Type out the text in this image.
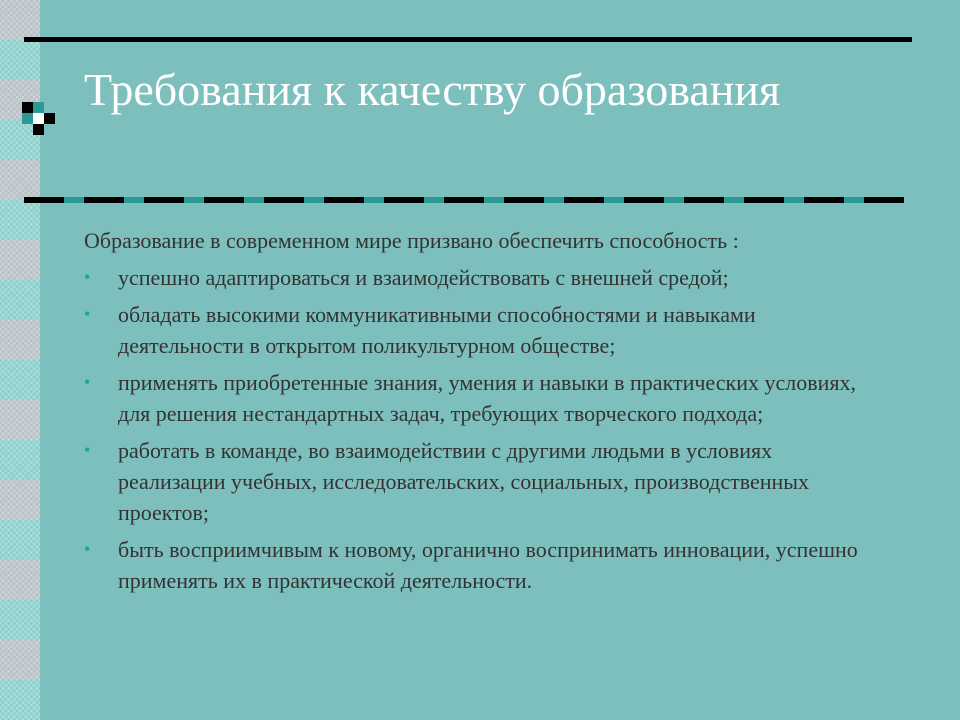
Требования к качеству образования

Образование в современном мире призвано обеспечить способность :

•	успешно адаптироваться и взаимодействовать с внешней средой;
•	обладать высокими коммуникативными способностями и навыками деятельности в открытом поликультурном обществе;
•	применять приобретенные знания, умения и навыки в практических условиях, для решения нестандартных задач, требующих творческого подхода;
•	работать в команде, во взаимодействии с другими людьми в условиях реализации учебных, исследовательских, социальных, производственных проектов;
•	быть восприимчивым к новому, органично воспринимать инновации, успешно применять их в практической деятельности.
